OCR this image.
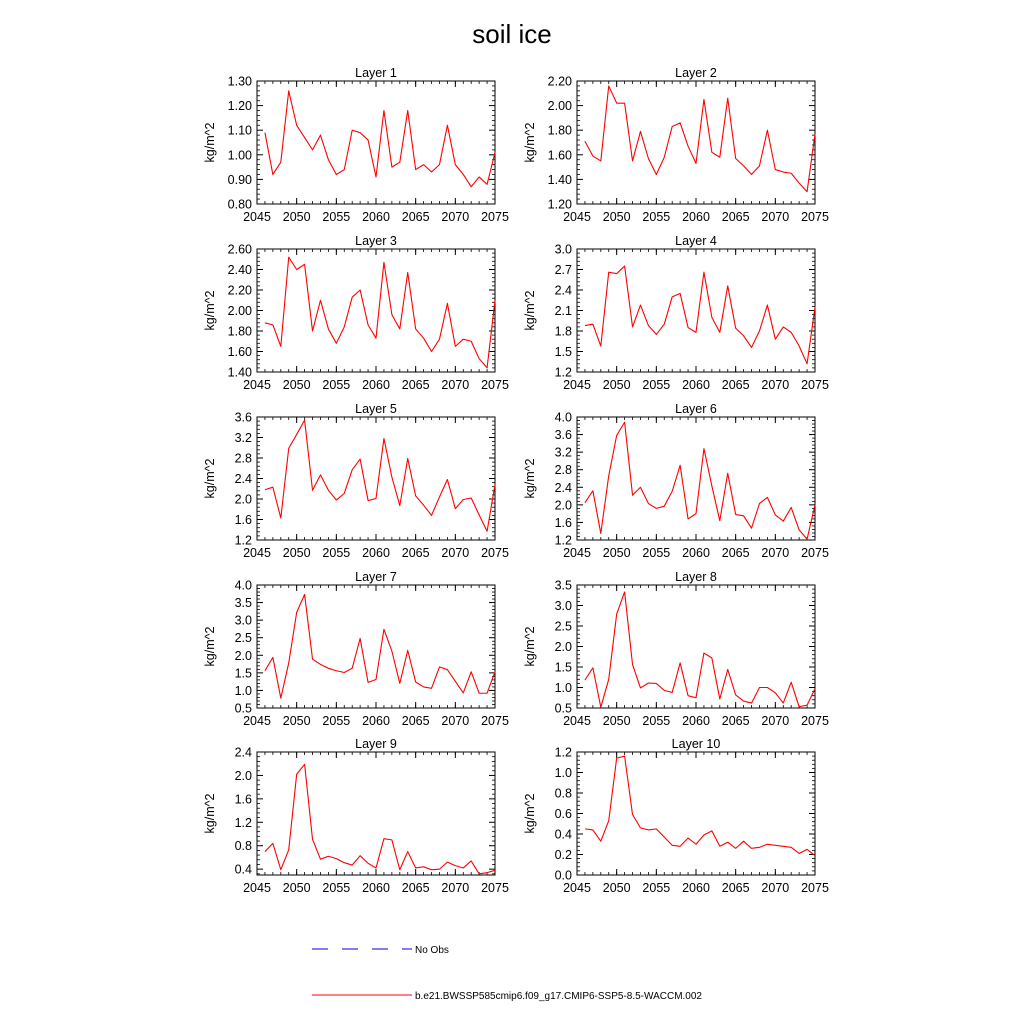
soil ice
2045 2050 2055 2060 2065 2070 2075
0.80
0.90
1.00
1.10
1.20
1.30
Layer 1
kg/m^2
2045 2050 2055 2060 2065 2070 2075
1.20
1.40
1.60
1.80
2.00
2.20
Layer 2
kg/m^2
2045 2050 2055 2060 2065 2070 2075
1.40
1.60
1.80
2.00
2.20
2.40
2.60
Layer 3
kg/m^2
2045 2050 2055 2060 2065 2070 2075
1.2
1.5
1.8
2.1
2.4
2.7
3.0
Layer 4
kg/m^2
2045 2050 2055 2060 2065 2070 2075
1.2
1.6
2.0
2.4
2.8
3.2
3.6
Layer 5
kg/m^2
2045 2050 2055 2060 2065 2070 2075
1.2
1.6
2.0
2.4
2.8
3.2
3.6
4.0
Layer 6
kg/m^2
2045 2050 2055 2060 2065 2070 2075
0.5
1.0
1.5
2.0
2.5
3.0
3.5
4.0
Layer 7
kg/m^2
2045 2050 2055 2060 2065 2070 2075
0.5
1.0
1.5
2.0
2.5
3.0
3.5
Layer 8
kg/m^2
2045 2050 2055 2060 2065 2070 2075
0.4
0.8
1.2
1.6
2.0
2.4
Layer 9
kg/m^2
2045 2050 2055 2060 2065 2070 2075
0.0
0.2
0.4
0.6
0.8
1.0
1.2
Layer 10
kg/m^2
No Obs
b.e21.BWSSP585cmip6.f09_g17.CMIP6-SSP5-8.5-WACCM.002
